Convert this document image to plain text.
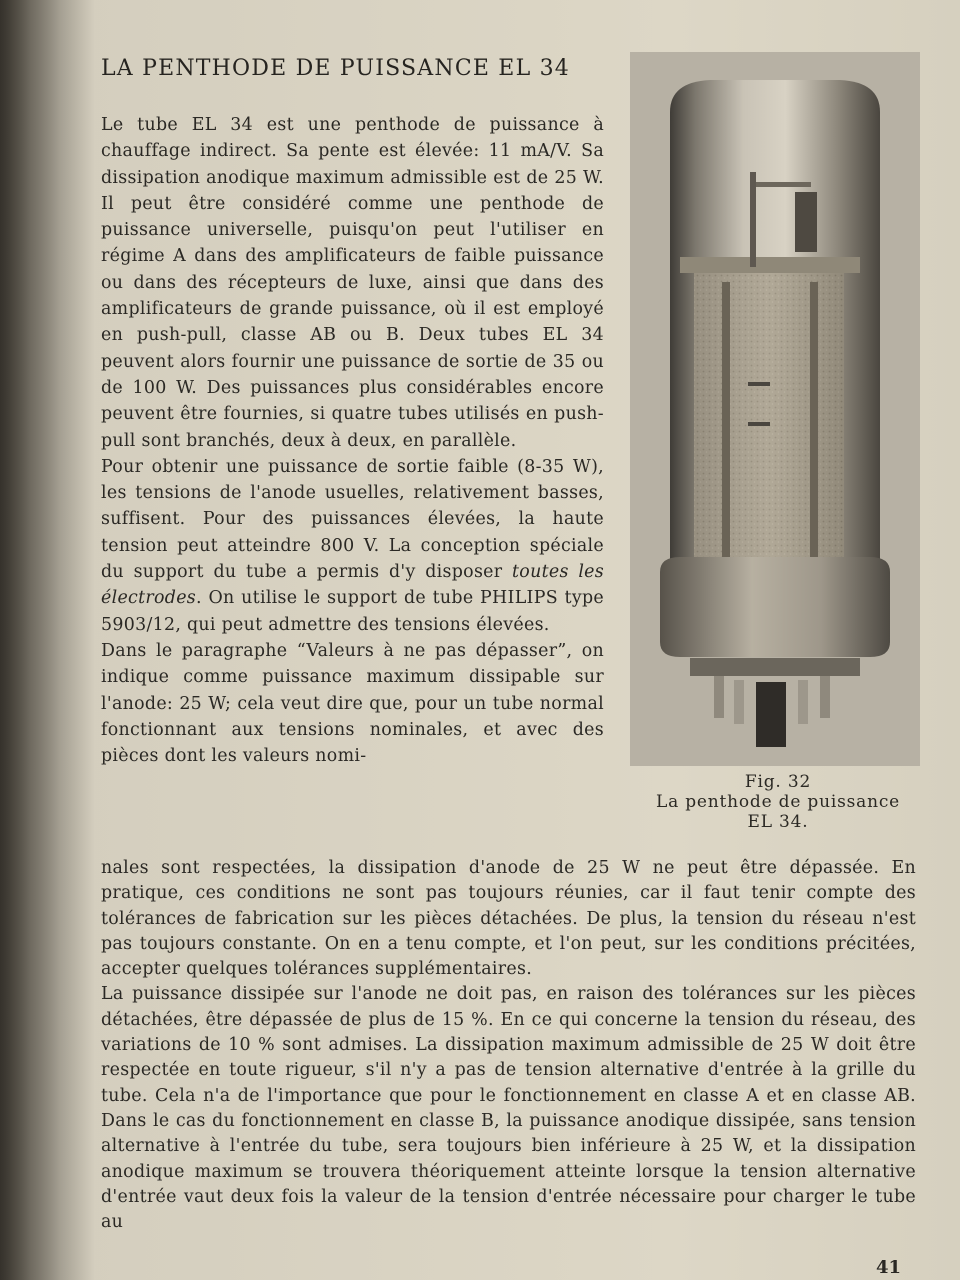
LA PENTHODE DE PUISSANCE EL 34

Le tube EL 34 est une penthode de puissance à chauffage indirect. Sa pente est élevée: 11 mA/V. Sa dissipation anodique maximum admissible est de 25 W. Il peut être considéré comme une penthode de puissance universelle, puisqu'on peut l'utiliser en régime A dans des amplificateurs de faible puissance ou dans des récepteurs de luxe, ainsi que dans des amplificateurs de grande puissance, où il est employé en push-pull, classe AB ou B. Deux tubes EL 34 peuvent alors fournir une puissance de sortie de 35 ou de 100 W. Des puissances plus considérables encore peuvent être fournies, si quatre tubes utilisés en push-pull sont branchés, deux à deux, en parallèle.

Pour obtenir une puissance de sortie faible (8-35 W), les tensions de l'anode usuelles, relativement basses, suffisent. Pour des puissances élevées, la haute tension peut atteindre 800 V. La conception spéciale du support du tube a permis d'y disposer toutes les électrodes. On utilise le support de tube PHILIPS type 5903/12, qui peut admettre des tensions élevées.

Dans le paragraphe “Valeurs à ne pas dépasser”, on indique comme puissance maximum dissipable sur l'anode: 25 W; cela veut dire que, pour un tube normal fonctionnant aux tensions nominales, et avec des pièces dont les valeurs nomi-

Fig. 32
La penthode de puissance
EL 34.

nales sont respectées, la dissipation d'anode de 25 W ne peut être dépassée. En pratique, ces conditions ne sont pas toujours réunies, car il faut tenir compte des tolérances de fabrication sur les pièces détachées. De plus, la tension du réseau n'est pas toujours constante. On en a tenu compte, et l'on peut, sur les conditions précitées, accepter quelques tolérances supplémentaires.

La puissance dissipée sur l'anode ne doit pas, en raison des tolérances sur les pièces détachées, être dépassée de plus de 15 %. En ce qui concerne la tension du réseau, des variations de 10 % sont admises. La dissipation maximum admissible de 25 W doit être respectée en toute rigueur, s'il n'y a pas de tension alternative d'entrée à la grille du tube. Cela n'a de l'importance que pour le fonctionnement en classe A et en classe AB. Dans le cas du fonctionnement en classe B, la puissance anodique dissipée, sans tension alternative à l'entrée du tube, sera toujours bien inférieure à 25 W, et la dissipation anodique maximum se trouvera théoriquement atteinte lorsque la tension alternative d'entrée vaut deux fois la valeur de la tension d'entrée nécessaire pour charger le tube au

41
